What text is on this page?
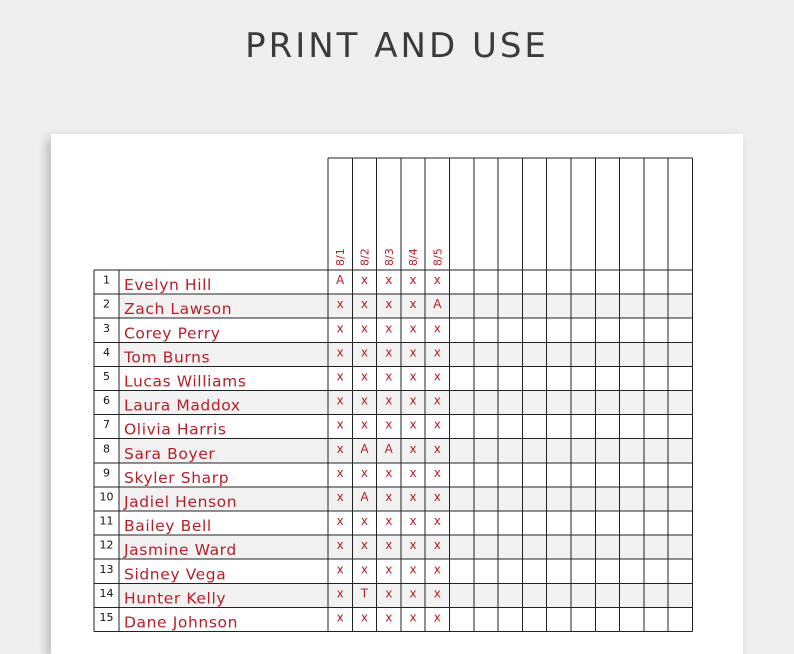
PRINT AND USE
8/1 8/2 8/3 8/4 8/5
1 Evelyn Hill	A x x x x
2 Zach Lawson	x x x x A
3 Corey Perry	x x x x x
4 Tom Burns	x x x x x
5 Lucas Williams	x x x x x
6 Laura Maddox	x x x x x
7 Olivia Harris	x x x x x
8 Sara Boyer	x A A x x
9 Skyler Sharp	x x x x x
10 Jadiel Henson	x A x x x
11 Bailey Bell	x x x x x
12 Jasmine Ward	x x x x x
13 Sidney Vega	x x x x x
14 Hunter Kelly	x T x x x
15 Dane Johnson	x x x x x
